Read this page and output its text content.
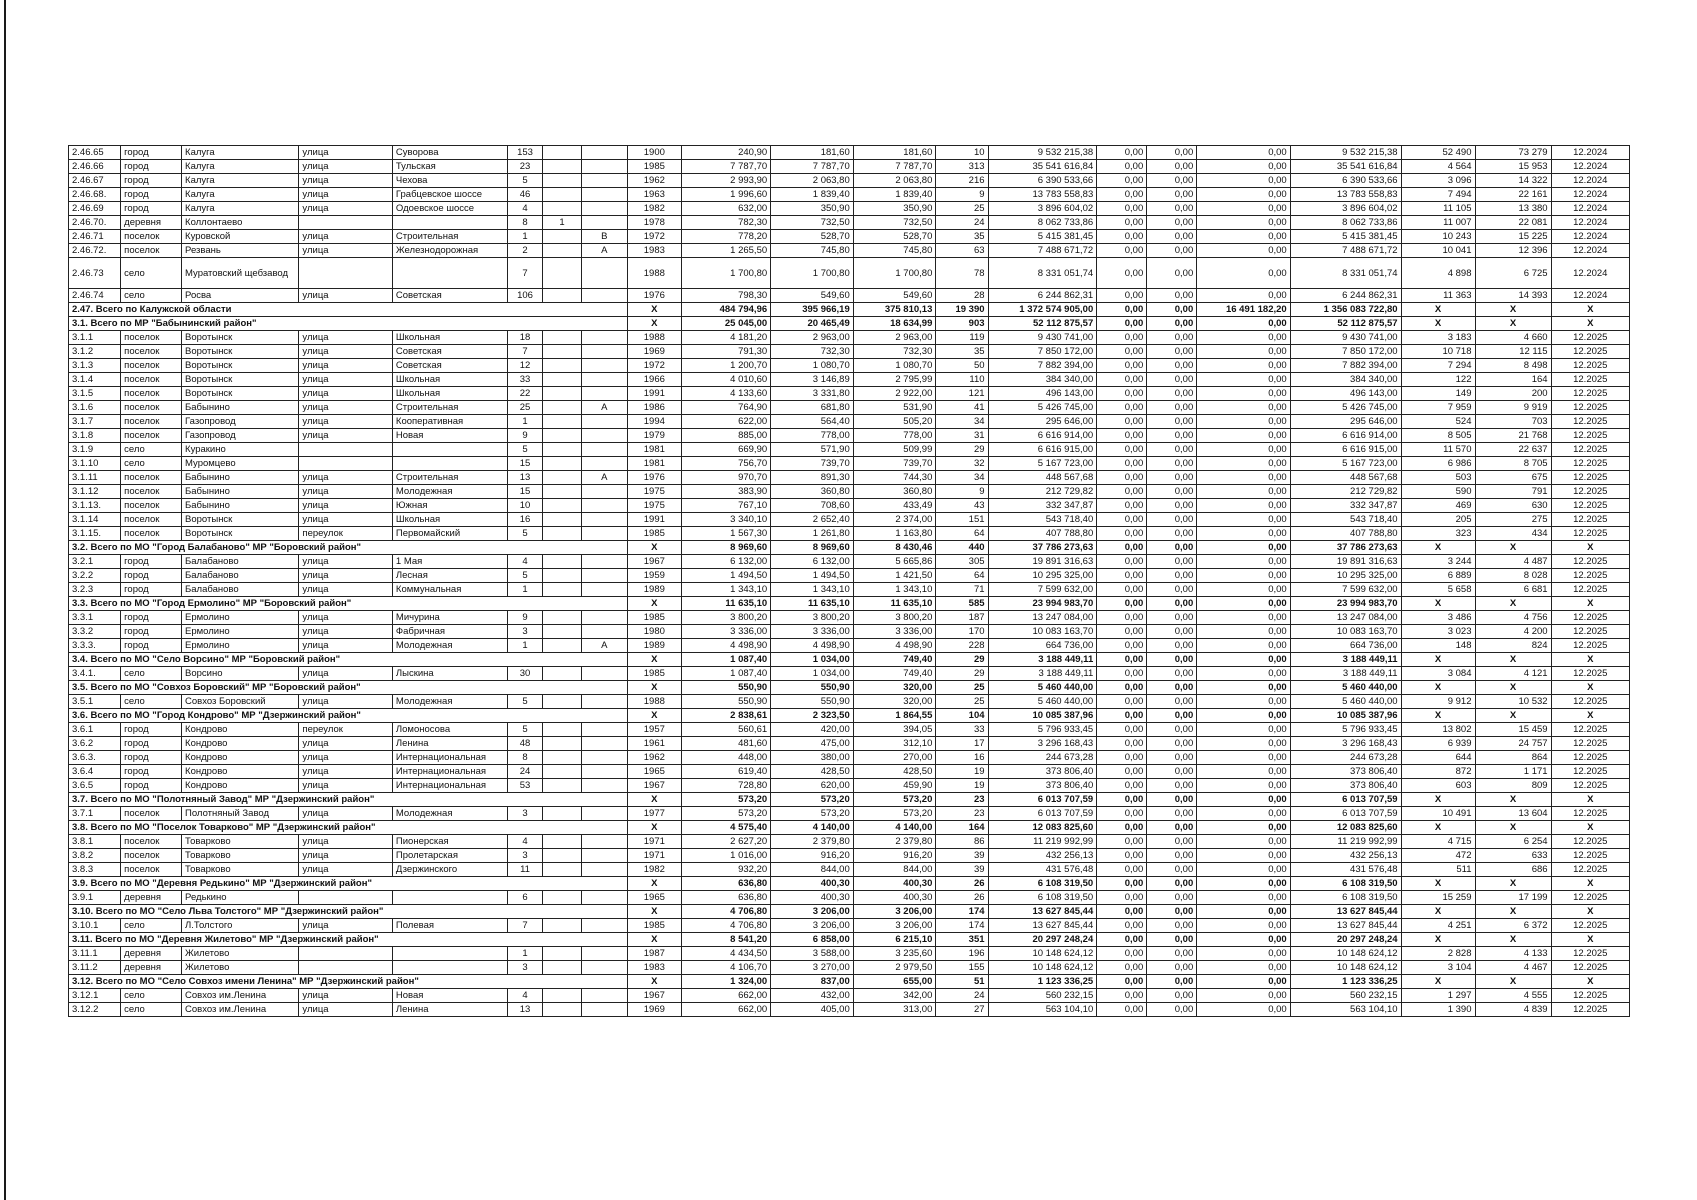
2.46.65	город	Калуга	улица	Суворова	153			1900	240,90	181,60	181,60	10	9 532 215,38	0,00	0,00	0,00	9 532 215,38	52 490	73 279	12.2024
2.46.66	город	Калуга	улица	Тульская	23			1985	7 787,70	7 787,70	7 787,70	313	35 541 616,84	0,00	0,00	0,00	35 541 616,84	4 564	15 953	12.2024
2.46.67	город	Калуга	улица	Чехова	5			1962	2 993,90	2 063,80	2 063,80	216	6 390 533,66	0,00	0,00	0,00	6 390 533,66	3 096	14 322	12.2024
2.46.68.	город	Калуга	улица	Грабцевское шоссе	46			1963	1 996,60	1 839,40	1 839,40	9	13 783 558,83	0,00	0,00	0,00	13 783 558,83	7 494	22 161	12.2024
2.46.69	город	Калуга	улица	Одоевское шоссе	4			1982	632,00	350,90	350,90	25	3 896 604,02	0,00	0,00	0,00	3 896 604,02	11 105	13 380	12.2024
2.46.70.	деревня	Коллонтаево			8	1		1978	782,30	732,50	732,50	24	8 062 733,86	0,00	0,00	0,00	8 062 733,86	11 007	22 081	12.2024
2.46.71	поселок	Куровской	улица	Строительная	1		В	1972	778,20	528,70	528,70	35	5 415 381,45	0,00	0,00	0,00	5 415 381,45	10 243	15 225	12.2024
2.46.72.	поселок	Резвань	улица	Железнодорожная	2		А	1983	1 265,50	745,80	745,80	63	7 488 671,72	0,00	0,00	0,00	7 488 671,72	10 041	12 396	12.2024
2.46.73	село	Муратовский щебзавод			7			1988	1 700,80	1 700,80	1 700,80	78	8 331 051,74	0,00	0,00	0,00	8 331 051,74	4 898	6 725	12.2024
2.46.74	село	Росва	улица	Советская	106			1976	798,30	549,60	549,60	28	6 244 862,31	0,00	0,00	0,00	6 244 862,31	11 363	14 393	12.2024
2.47. Всего по Калужской области								X	484 794,96	395 966,19	375 810,13	19 390	1 372 574 905,00	0,00	0,00	16 491 182,20	1 356 083 722,80	X	X	X
3.1. Всего по МР "Бабынинский район"								X	25 045,00	20 465,49	18 634,99	903	52 112 875,57	0,00	0,00	0,00	52 112 875,57	X	X	X
3.1.1	поселок	Воротынск	улица	Школьная	18			1988	4 181,20	2 963,00	2 963,00	119	9 430 741,00	0,00	0,00	0,00	9 430 741,00	3 183	4 660	12.2025
3.1.2	поселок	Воротынск	улица	Советская	7			1969	791,30	732,30	732,30	35	7 850 172,00	0,00	0,00	0,00	7 850 172,00	10 718	12 115	12.2025
3.1.3	поселок	Воротынск	улица	Советская	12			1972	1 200,70	1 080,70	1 080,70	50	7 882 394,00	0,00	0,00	0,00	7 882 394,00	7 294	8 498	12.2025
3.1.4	поселок	Воротынск	улица	Школьная	33			1966	4 010,60	3 146,89	2 795,99	110	384 340,00	0,00	0,00	0,00	384 340,00	122	164	12.2025
3.1.5	поселок	Воротынск	улица	Школьная	22			1991	4 133,60	3 331,80	2 922,00	121	496 143,00	0,00	0,00	0,00	496 143,00	149	200	12.2025
3.1.6	поселок	Бабынино	улица	Строительная	25		А	1986	764,90	681,80	531,90	41	5 426 745,00	0,00	0,00	0,00	5 426 745,00	7 959	9 919	12.2025
3.1.7	поселок	Газопровод	улица	Кооперативная	1			1994	622,00	564,40	505,20	34	295 646,00	0,00	0,00	0,00	295 646,00	524	703	12.2025
3.1.8	поселок	Газопровод	улица	Новая	9			1979	885,00	778,00	778,00	31	6 616 914,00	0,00	0,00	0,00	6 616 914,00	8 505	21 768	12.2025
3.1.9	село	Куракино			5			1981	669,90	571,90	509,99	29	6 616 915,00	0,00	0,00	0,00	6 616 915,00	11 570	22 637	12.2025
3.1.10	село	Муромцево			15			1981	756,70	739,70	739,70	32	5 167 723,00	0,00	0,00	0,00	5 167 723,00	6 986	8 705	12.2025
3.1.11	поселок	Бабынино	улица	Строительная	13		А	1976	970,70	891,30	744,30	34	448 567,68	0,00	0,00	0,00	448 567,68	503	675	12.2025
3.1.12	поселок	Бабынино	улица	Молодежная	15			1975	383,90	360,80	360,80	9	212 729,82	0,00	0,00	0,00	212 729,82	590	791	12.2025
3.1.13.	поселок	Бабынино	улица	Южная	10			1975	767,10	708,60	433,49	43	332 347,87	0,00	0,00	0,00	332 347,87	469	630	12.2025
3.1.14	поселок	Воротынск	улица	Школьная	16			1991	3 340,10	2 652,40	2 374,00	151	543 718,40	0,00	0,00	0,00	543 718,40	205	275	12.2025
3.1.15.	поселок	Воротынск	переулок	Первомайский	5			1985	1 567,30	1 261,80	1 163,80	64	407 788,80	0,00	0,00	0,00	407 788,80	323	434	12.2025
3.2. Всего по МО "Город Балабаново" МР "Боровский район"								X	8 969,60	8 969,60	8 430,46	440	37 786 273,63	0,00	0,00	0,00	37 786 273,63	X	X	X
3.2.1	город	Балабаново	улица	1 Мая	4			1967	6 132,00	6 132,00	5 665,86	305	19 891 316,63	0,00	0,00	0,00	19 891 316,63	3 244	4 487	12.2025
3.2.2	город	Балабаново	улица	Лесная	5			1959	1 494,50	1 494,50	1 421,50	64	10 295 325,00	0,00	0,00	0,00	10 295 325,00	6 889	8 028	12.2025
3.2.3	город	Балабаново	улица	Коммунальная	1			1989	1 343,10	1 343,10	1 343,10	71	7 599 632,00	0,00	0,00	0,00	7 599 632,00	5 658	6 681	12.2025
3.3. Всего по МО "Город Ермолино" МР "Боровский район"								X	11 635,10	11 635,10	11 635,10	585	23 994 983,70	0,00	0,00	0,00	23 994 983,70	X	X	X
3.3.1	город	Ермолино	улица	Мичурина	9			1985	3 800,20	3 800,20	3 800,20	187	13 247 084,00	0,00	0,00	0,00	13 247 084,00	3 486	4 756	12.2025
3.3.2	город	Ермолино	улица	Фабричная	3			1980	3 336,00	3 336,00	3 336,00	170	10 083 163,70	0,00	0,00	0,00	10 083 163,70	3 023	4 200	12.2025
3.3.3.	город	Ермолино	улица	Молодежная	1		А	1989	4 498,90	4 498,90	4 498,90	228	664 736,00	0,00	0,00	0,00	664 736,00	148	824	12.2025
3.4. Всего по МО "Село Ворсино" МР "Боровский район"								X	1 087,40	1 034,00	749,40	29	3 188 449,11	0,00	0,00	0,00	3 188 449,11	X	X	X
3.4.1.	село	Ворсино	улица	Лыскина	30			1985	1 087,40	1 034,00	749,40	29	3 188 449,11	0,00	0,00	0,00	3 188 449,11	3 084	4 121	12.2025
3.5. Всего по МО "Совхоз Боровский" МР "Боровский район"								X	550,90	550,90	320,00	25	5 460 440,00	0,00	0,00	0,00	5 460 440,00	X	X	X
3.5.1	село	Совхоз Боровский	улица	Молодежная	5			1988	550,90	550,90	320,00	25	5 460 440,00	0,00	0,00	0,00	5 460 440,00	9 912	10 532	12.2025
3.6. Всего по МО "Город Кондрово" МР "Дзержинский район"								X	2 838,61	2 323,50	1 864,55	104	10 085 387,96	0,00	0,00	0,00	10 085 387,96	X	X	X
3.6.1	город	Кондрово	переулок	Ломоносова	5			1957	560,61	420,00	394,05	33	5 796 933,45	0,00	0,00	0,00	5 796 933,45	13 802	15 459	12.2025
3.6.2	город	Кондрово	улица	Ленина	48			1961	481,60	475,00	312,10	17	3 296 168,43	0,00	0,00	0,00	3 296 168,43	6 939	24 757	12.2025
3.6.3.	город	Кондрово	улица	Интернациональная	8			1962	448,00	380,00	270,00	16	244 673,28	0,00	0,00	0,00	244 673,28	644	864	12.2025
3.6.4	город	Кондрово	улица	Интернациональная	24			1965	619,40	428,50	428,50	19	373 806,40	0,00	0,00	0,00	373 806,40	872	1 171	12.2025
3.6.5	город	Кондрово	улица	Интернациональная	53			1967	728,80	620,00	459,90	19	373 806,40	0,00	0,00	0,00	373 806,40	603	809	12.2025
3.7. Всего по МО "Полотняный Завод" МР "Дзержинский район"								X	573,20	573,20	573,20	23	6 013 707,59	0,00	0,00	0,00	6 013 707,59	X	X	X
3.7.1	поселок	Полотняный Завод	улица	Молодежная	3			1977	573,20	573,20	573,20	23	6 013 707,59	0,00	0,00	0,00	6 013 707,59	10 491	13 604	12.2025
3.8. Всего по МО "Поселок Товарково" МР "Дзержинский район"								X	4 575,40	4 140,00	4 140,00	164	12 083 825,60	0,00	0,00	0,00	12 083 825,60	X	X	X
3.8.1	поселок	Товарково	улица	Пионерская	4			1971	2 627,20	2 379,80	2 379,80	86	11 219 992,99	0,00	0,00	0,00	11 219 992,99	4 715	6 254	12.2025
3.8.2	поселок	Товарково	улица	Пролетарская	3			1971	1 016,00	916,20	916,20	39	432 256,13	0,00	0,00	0,00	432 256,13	472	633	12.2025
3.8.3	поселок	Товарково	улица	Дзержинского	11			1982	932,20	844,00	844,00	39	431 576,48	0,00	0,00	0,00	431 576,48	511	686	12.2025
3.9. Всего по МО "Деревня Редькино" МР "Дзержинский район"								X	636,80	400,30	400,30	26	6 108 319,50	0,00	0,00	0,00	6 108 319,50	X	X	X
3.9.1	деревня	Редькино			6			1965	636,80	400,30	400,30	26	6 108 319,50	0,00	0,00	0,00	6 108 319,50	15 259	17 199	12.2025
3.10. Всего по МО "Село Льва Толстого" МР "Дзержинский район"								X	4 706,80	3 206,00	3 206,00	174	13 627 845,44	0,00	0,00	0,00	13 627 845,44	X	X	X
3.10.1	село	Л.Толстого	улица	Полевая	7			1985	4 706,80	3 206,00	3 206,00	174	13 627 845,44	0,00	0,00	0,00	13 627 845,44	4 251	6 372	12.2025
3.11. Всего по МО "Деревня Жилетово" МР "Дзержинский район"								X	8 541,20	6 858,00	6 215,10	351	20 297 248,24	0,00	0,00	0,00	20 297 248,24	X	X	X
3.11.1	деревня	Жилетово			1			1987	4 434,50	3 588,00	3 235,60	196	10 148 624,12	0,00	0,00	0,00	10 148 624,12	2 828	4 133	12.2025
3.11.2	деревня	Жилетово			3			1983	4 106,70	3 270,00	2 979,50	155	10 148 624,12	0,00	0,00	0,00	10 148 624,12	3 104	4 467	12.2025
3.12. Всего по МО "Село Совхоз имени Ленина" МР "Дзержинский район"								X	1 324,00	837,00	655,00	51	1 123 336,25	0,00	0,00	0,00	1 123 336,25	X	X	X
3.12.1	село	Совхоз им.Ленина	улица	Новая	4			1967	662,00	432,00	342,00	24	560 232,15	0,00	0,00	0,00	560 232,15	1 297	4 555	12.2025
3.12.2	село	Совхоз им.Ленина	улица	Ленина	13			1969	662,00	405,00	313,00	27	563 104,10	0,00	0,00	0,00	563 104,10	1 390	4 839	12.2025
